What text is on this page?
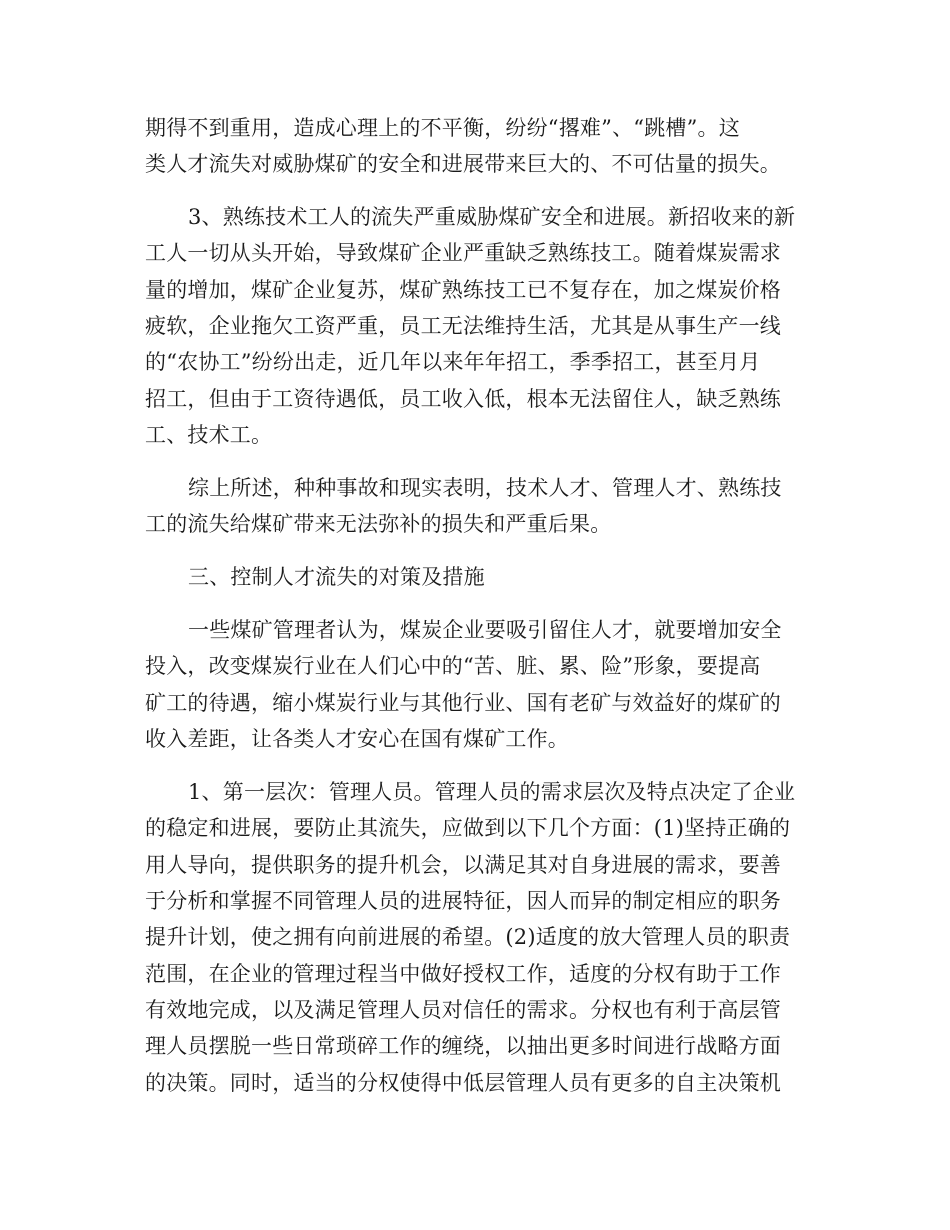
期得不到重用，造成心理上的不平衡，纷纷“撂难”、“跳槽”。这

类人才流失对威胁煤矿的安全和进展带来巨大的、不可估量的损失。

3、熟练技术工人的流失严重威胁煤矿安全和进展。新招收来的新

工人一切从头开始，导致煤矿企业严重缺乏熟练技工。随着煤炭需求

量的增加，煤矿企业复苏，煤矿熟练技工已不复存在，加之煤炭价格

疲软，企业拖欠工资严重，员工无法维持生活，尤其是从事生产一线

的“农协工”纷纷出走，近几年以来年年招工，季季招工，甚至月月

招工，但由于工资待遇低，员工收入低，根本无法留住人，缺乏熟练

工、技术工。

综上所述，种种事故和现实表明，技术人才、管理人才、熟练技

工的流失给煤矿带来无法弥补的损失和严重后果。

三、控制人才流失的对策及措施

一些煤矿管理者认为，煤炭企业要吸引留住人才，就要增加安全

投入，改变煤炭行业在人们心中的“苦、脏、累、险”形象，要提高

矿工的待遇，缩小煤炭行业与其他行业、国有老矿与效益好的煤矿的

收入差距，让各类人才安心在国有煤矿工作。

1、第一层次：管理人员。管理人员的需求层次及特点决定了企业

的稳定和进展，要防止其流失，应做到以下几个方面：(1)坚持正确的

用人导向，提供职务的提升机会，以满足其对自身进展的需求，要善

于分析和掌握不同管理人员的进展特征，因人而异的制定相应的职务

提升计划，使之拥有向前进展的希望。(2)适度的放大管理人员的职责

范围，在企业的管理过程当中做好授权工作，适度的分权有助于工作

有效地完成，以及满足管理人员对信任的需求。分权也有利于高层管

理人员摆脱一些日常琐碎工作的缠绕，以抽出更多时间进行战略方面

的决策。同时，适当的分权使得中低层管理人员有更多的自主决策机
